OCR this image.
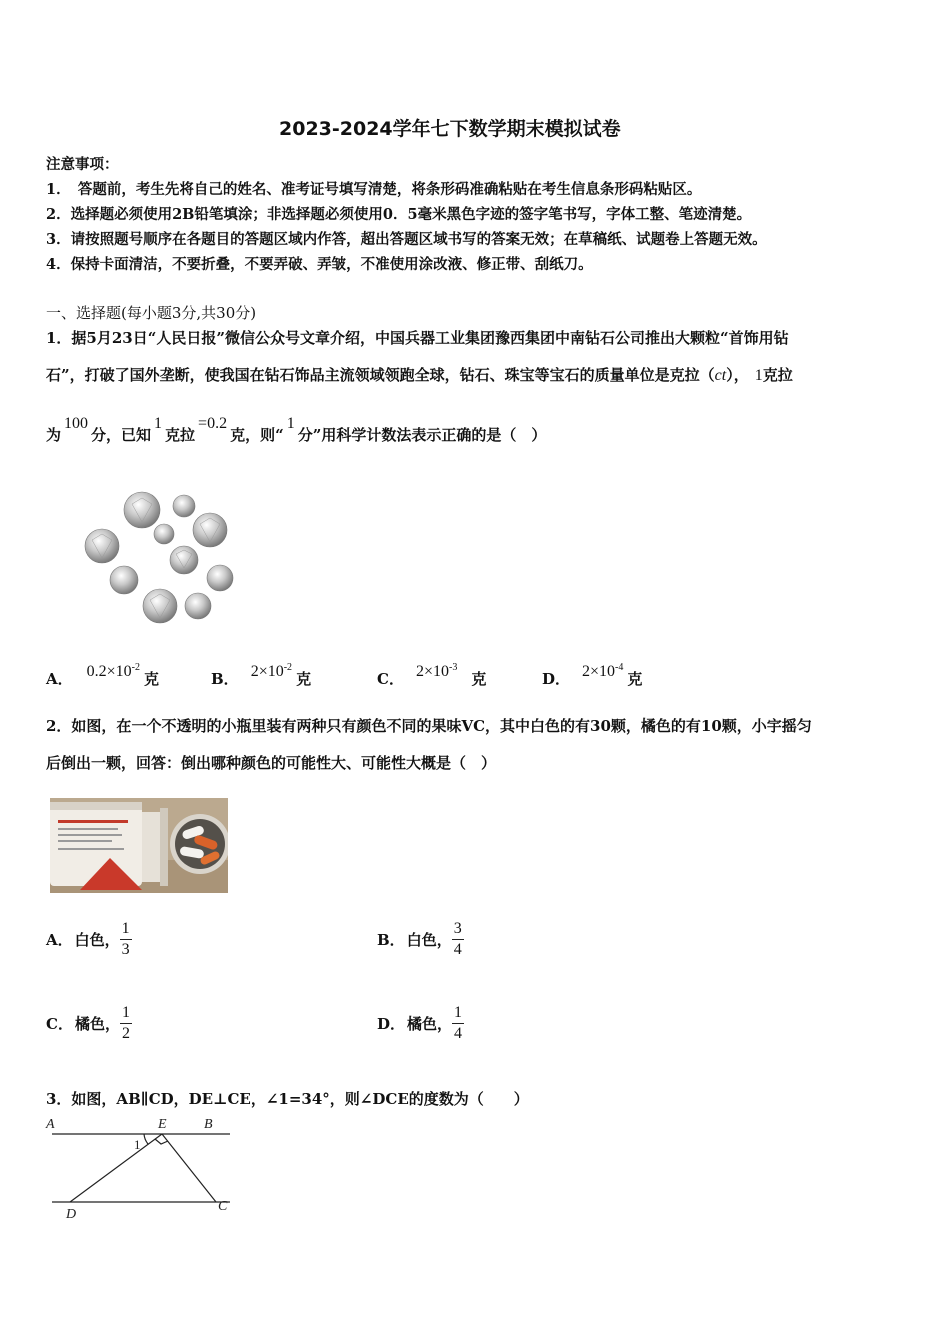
2023-2024学年七下数学期末模拟试卷
注意事项：
1．　答题前，考生先将自己的姓名、准考证号填写清楚，将条形码准确粘贴在考生信息条形码粘贴区。
2．选择题必须使用2B铅笔填涂；非选择题必须使用0．5毫米黑色字迹的签字笔书写，字体工整、笔迹清楚。
3．请按照题号顺序在各题目的答题区域内作答，超出答题区域书写的答案无效；在草稿纸、试题卷上答题无效。
4．保持卡面清洁，不要折叠，不要弄破、弄皱，不准使用涂改液、修正带、刮纸刀。
一、选择题(每小题3分,共30分)
1．据5月23日“人民日报”微信公众号文章介绍，中国兵器工业集团豫西集团中南钻石公司推出大颗粒“首饰用钻
石”，打破了国外垄断，使我国在钻石饰品主流领域领跑全球，钻石、珠宝等宝石的质量单位是克拉（ct）， 1克拉
为100分，已知1克拉=0.2克，则“1分”用科学计数法表示正确的是（　）
A． $0.2\times 10^{-2}$克	B． $2\times 10^{-2}$克	C． $2\times 10^{-3}$克	D． $2\times 10^{-4}$克
2．如图，在一个不透明的小瓶里装有两种只有颜色不同的果味VC，其中白色的有30颗，橘色的有10颗，小宇摇匀
后倒出一颗，回答：倒出哪种颜色的可能性大、可能性大概是（　）
A． 白色， $\frac{1}{3}$	B． 白色， $\frac{3}{4}$
C． 橘色， $\frac{1}{2}$	D． 橘色， $\frac{1}{4}$
3．如图，AB∥CD，DE⊥CE，∠1=34°，则∠DCE的度数为（　　）
A	B
E
C
D
1
